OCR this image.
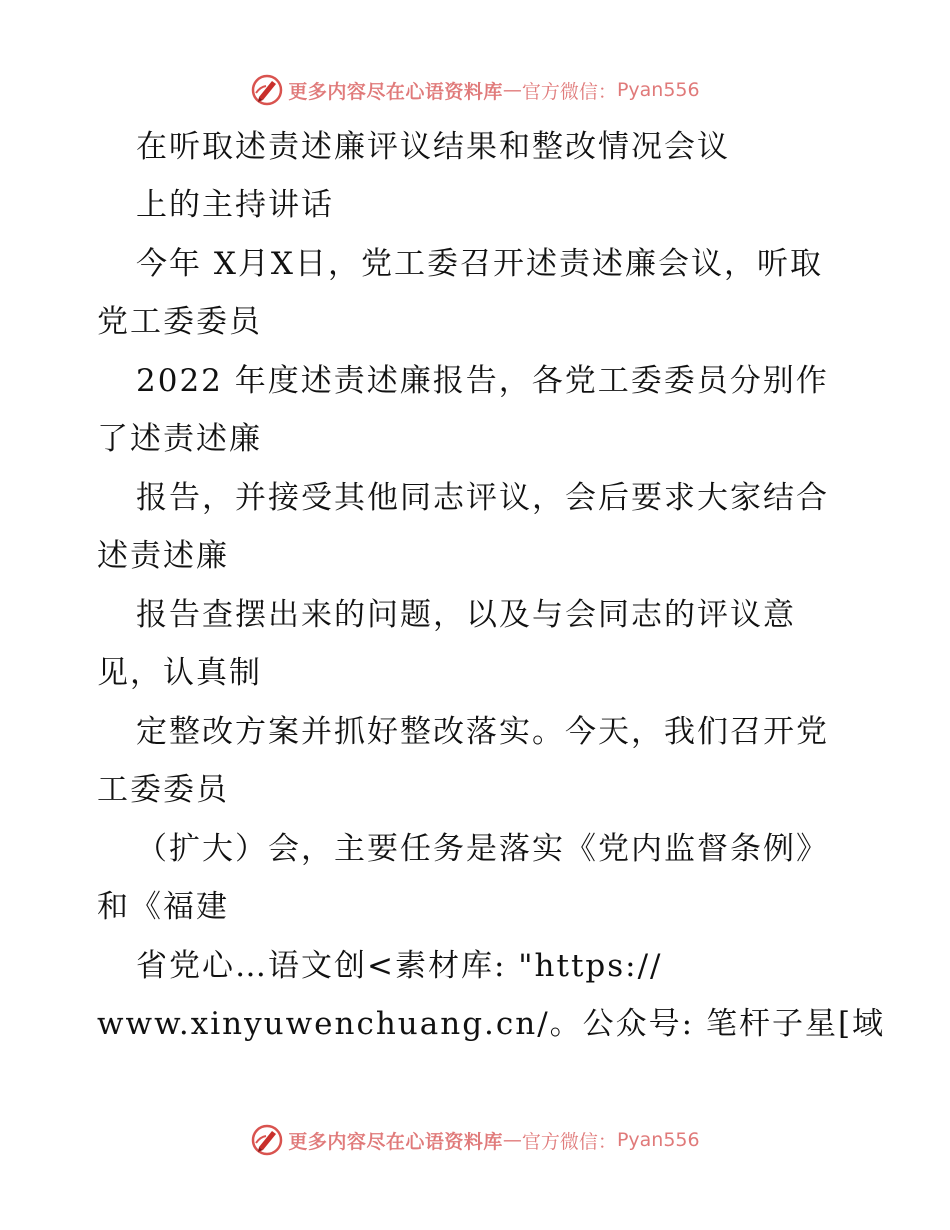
更多内容尽在心语资料库 — 官方微信： Pyan556
在听取述责述廉评议结果和整改情况会议
上的主持讲话
今年 X月X日，党工委召开述责述廉会议，听取
党工委委员
2022 年度述责述廉报告，各党工委委员分别作
了述责述廉
报告，并接受其他同志评议，会后要求大家结合
述责述廉
报告查摆出来的问题，以及与会同志的评议意
见，认真制
定整改方案并抓好整改落实。今天，我们召开党
工委委员
（扩大）会，主要任务是落实《党内监督条例》
和《福建
省党心…语文创<素材库: "https://
www.xinyuwenchuang.cn/。公众号: 笔杆子星[域
更多内容尽在心语资料库 — 官方微信： Pyan556
